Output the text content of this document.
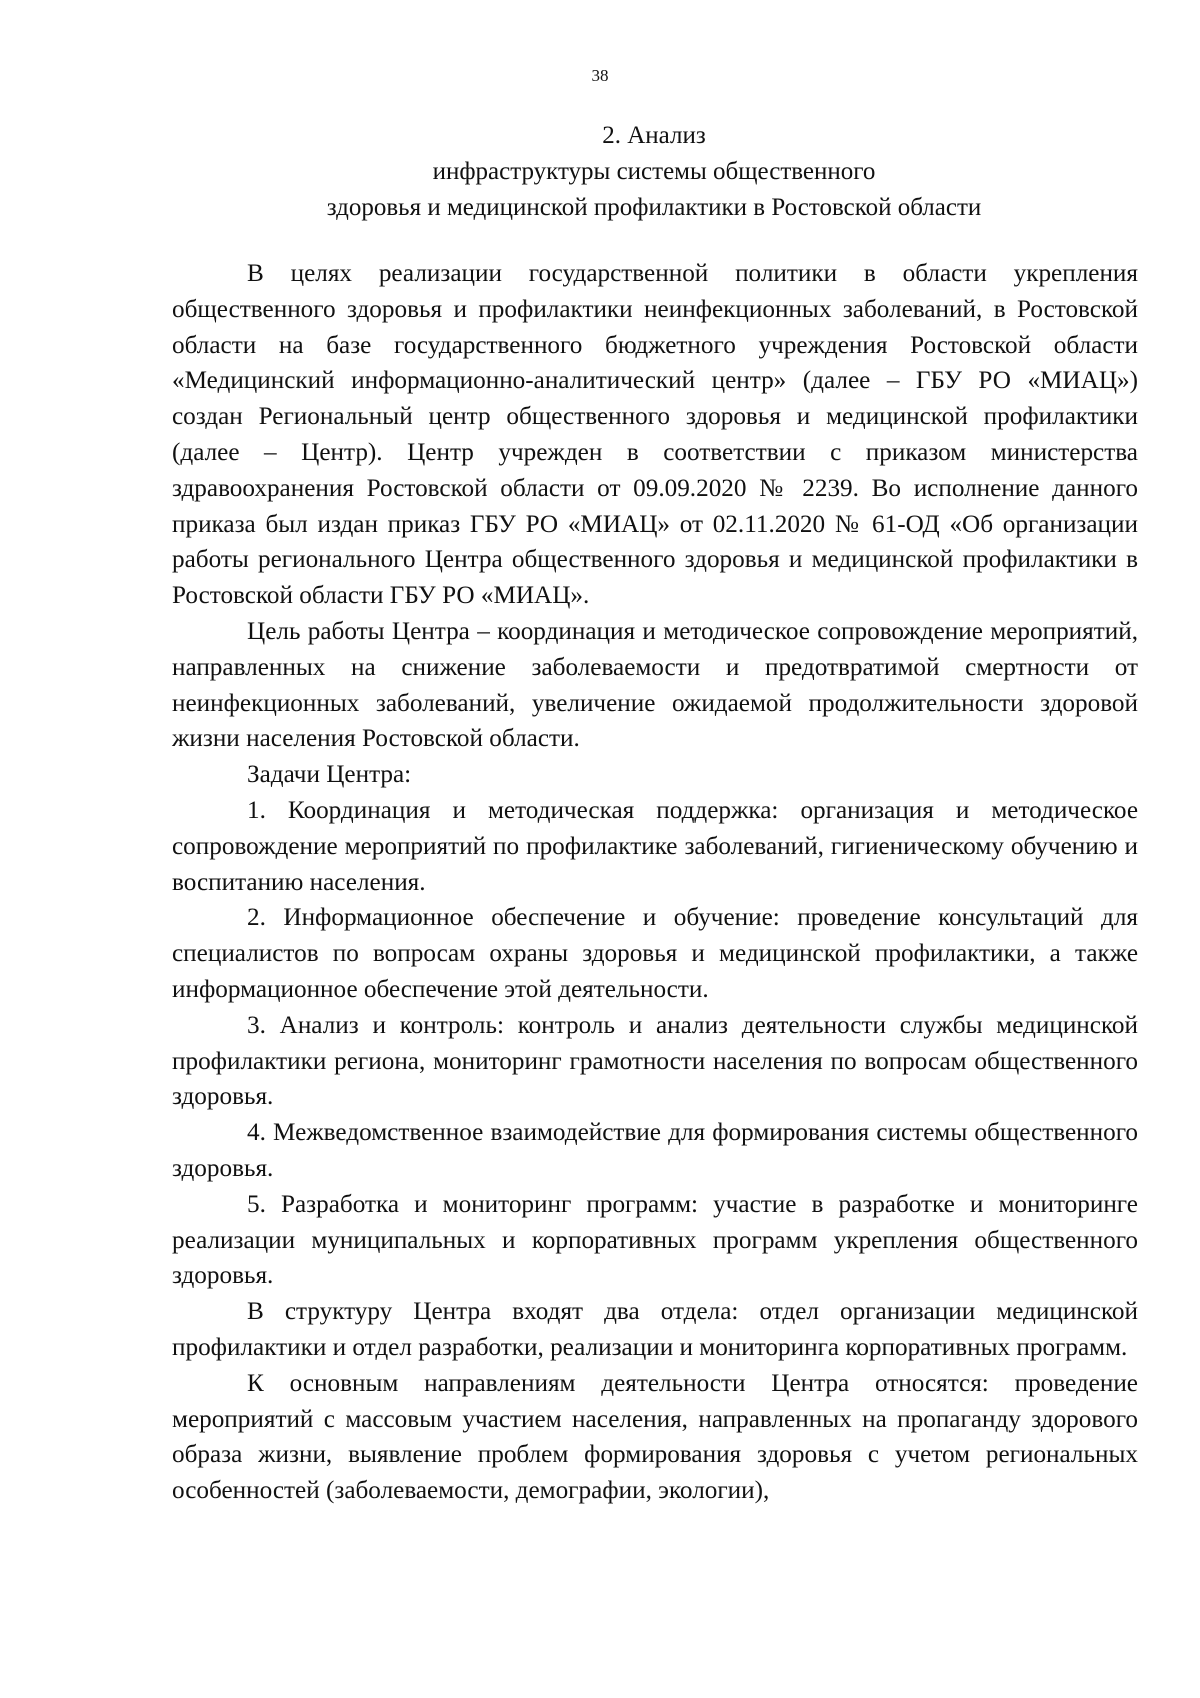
38
2. Анализ
инфраструктуры системы общественного
здоровья и медицинской профилактики в Ростовской области

В целях реализации государственной политики в области укрепления общественного здоровья и профилактики неинфекционных заболеваний, в Ростовской области на базе государственного бюджетного учреждения Ростовской области «Медицинский информационно-аналитический центр» (далее – ГБУ РО «МИАЦ») создан Региональный центр общественного здоровья и медицинской профилактики (далее – Центр). Центр учрежден в соответствии с приказом министерства здравоохранения Ростовской области от 09.09.2020 № 2239. Во исполнение данного приказа был издан приказ ГБУ РО «МИАЦ» от 02.11.2020 № 61-ОД «Об организации работы регионального Центра общественного здоровья и медицинской профилактики в Ростовской области ГБУ РО «МИАЦ».

Цель работы Центра – координация и методическое сопровождение мероприятий, направленных на снижение заболеваемости и предотвратимой смертности от неинфекционных заболеваний, увеличение ожидаемой продолжительности здоровой жизни населения Ростовской области.

Задачи Центра:

1. Координация и методическая поддержка: организация и методическое сопровождение мероприятий по профилактике заболеваний, гигиеническому обучению и воспитанию населения.

2. Информационное обеспечение и обучение: проведение консультаций для специалистов по вопросам охраны здоровья и медицинской профилактики, а также информационное обеспечение этой деятельности.

3. Анализ и контроль: контроль и анализ деятельности службы медицинской профилактики региона, мониторинг грамотности населения по вопросам общественного здоровья.

4. Межведомственное взаимодействие для формирования системы общественного здоровья.

5. Разработка и мониторинг программ: участие в разработке и мониторинге реализации муниципальных и корпоративных программ укрепления общественного здоровья.

В структуру Центра входят два отдела: отдел организации медицинской профилактики и отдел разработки, реализации и мониторинга корпоративных программ.

К основным направлениям деятельности Центра относятся: проведение мероприятий с массовым участием населения, направленных на пропаганду здорового образа жизни, выявление проблем формирования здоровья с учетом региональных особенностей (заболеваемости, демографии, экологии),
